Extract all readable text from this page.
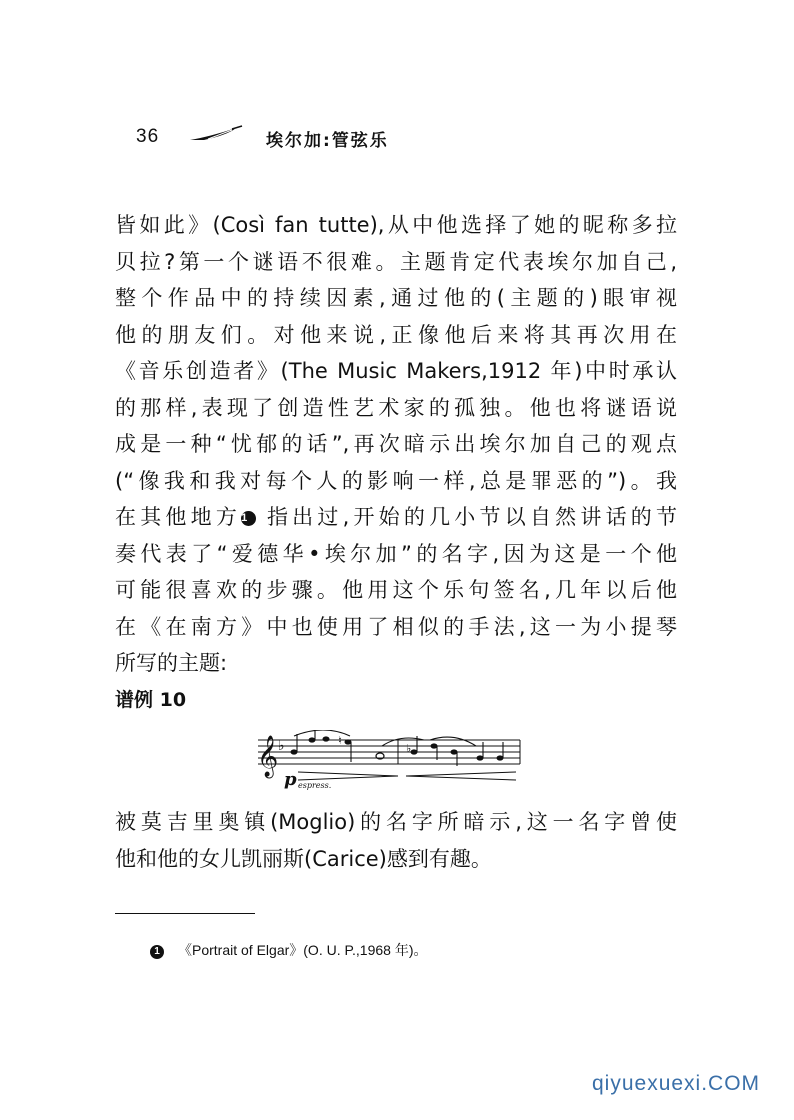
36	埃尔加:管弦乐
皆如此》(Così fan tutte),从中他选择了她的昵称多拉
贝拉?第一个谜语不很难。主题肯定代表埃尔加自己,
整个作品中的持续因素,通过他的(主题的)眼审视
他的朋友们。对他来说,正像他后来将其再次用在
《音乐创造者》(The Music Makers,1912 年)中时承认
的那样,表现了创造性艺术家的孤独。他也将谜语说
成是一种“忧郁的话”,再次暗示出埃尔加自己的观点
(“像我和我对每个人的影响一样,总是罪恶的”)。我
在其他地方1 指出过,开始的几小节以自然讲话的节
奏代表了“爱德华•埃尔加”的名字,因为这是一个他
可能很喜欢的步骤。他用这个乐句签名,几年以后他
在《在南方》中也使用了相似的手法,这一为小提琴
所写的主题:
谱例 10
𝄞 ♭	♮
♭
p espress.
被莫吉里奥镇(Moglio)的名字所暗示,这一名字曾使
他和他的女儿凯丽斯(Carice)感到有趣。
1 《Portrait of Elgar》(O. U. P.,1968 年)。
qiyuexuexi.COM
